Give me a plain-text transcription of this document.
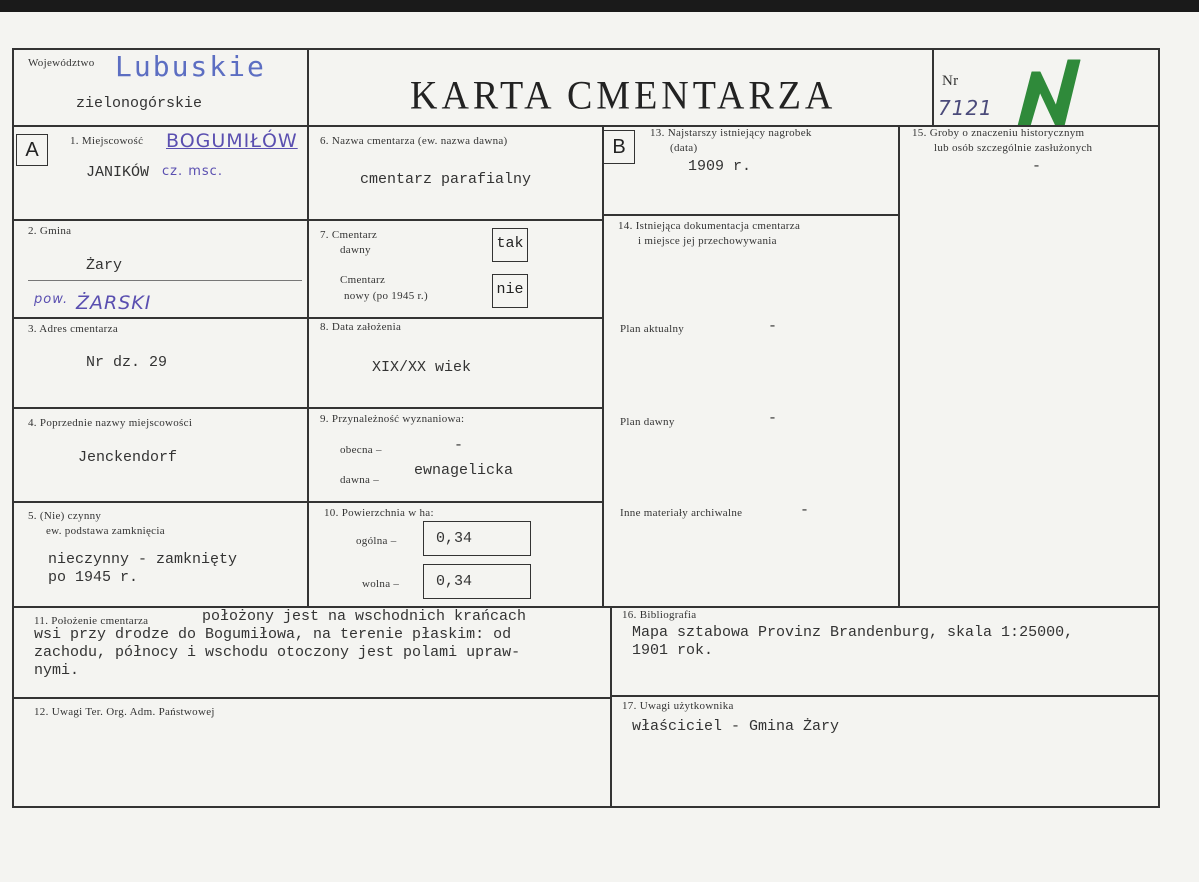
Województwo Lubuskie
zielonogórskie	KARTA CMENTARZA	Nr
7121
A	1. Miejscowość BOGUMIŁÓW
JANIKÓW cz. msc.
2. Gmina
Żary
pow. ŻARSKI
3. Adres cmentarza
Nr dz. 29
4. Poprzednie nazwy miejscowości
Jenckendorf
5. (Nie) czynny
ew. podstawa zamknięcia
nieczynny - zamknięty
po 1945 r.
6. Nazwa cmentarza (ew. nazwa dawna)
cmentarz parafialny
7. Cmentarz
dawny	tak
Cmentarz
nowy (po 1945 r.)	nie
8. Data założenia
XIX/XX wiek
9. Przynależność wyznaniowa:
obecna –	-
dawna –
ewnagelicka
10. Powierzchnia w ha:
ogólna –	0,34
wolna – 0,34
B
13. Najstarszy istniejący nagrobek
(data)
1909 r.
14. Istniejąca dokumentacja cmentarza
i miejsce jej przechowywania
Plan aktualny	-
Plan dawny	-
Inne materiały archiwalne	-
15. Groby o znaczeniu historycznym
lub osób szczególnie zasłużonych
-
11. Położenie cmentarza	położony jest na wschodnich krańcach
wsi przy drodze do Bogumiłowa, na terenie płaskim: od
zachodu, północy i wschodu otoczony jest polami upraw-
nymi.
12. Uwagi Ter. Org. Adm. Państwowej
16. Bibliografia
Mapa sztabowa Provinz Brandenburg, skala 1:25000,
1901 rok.
17. Uwagi użytkownika
właściciel - Gmina Żary
